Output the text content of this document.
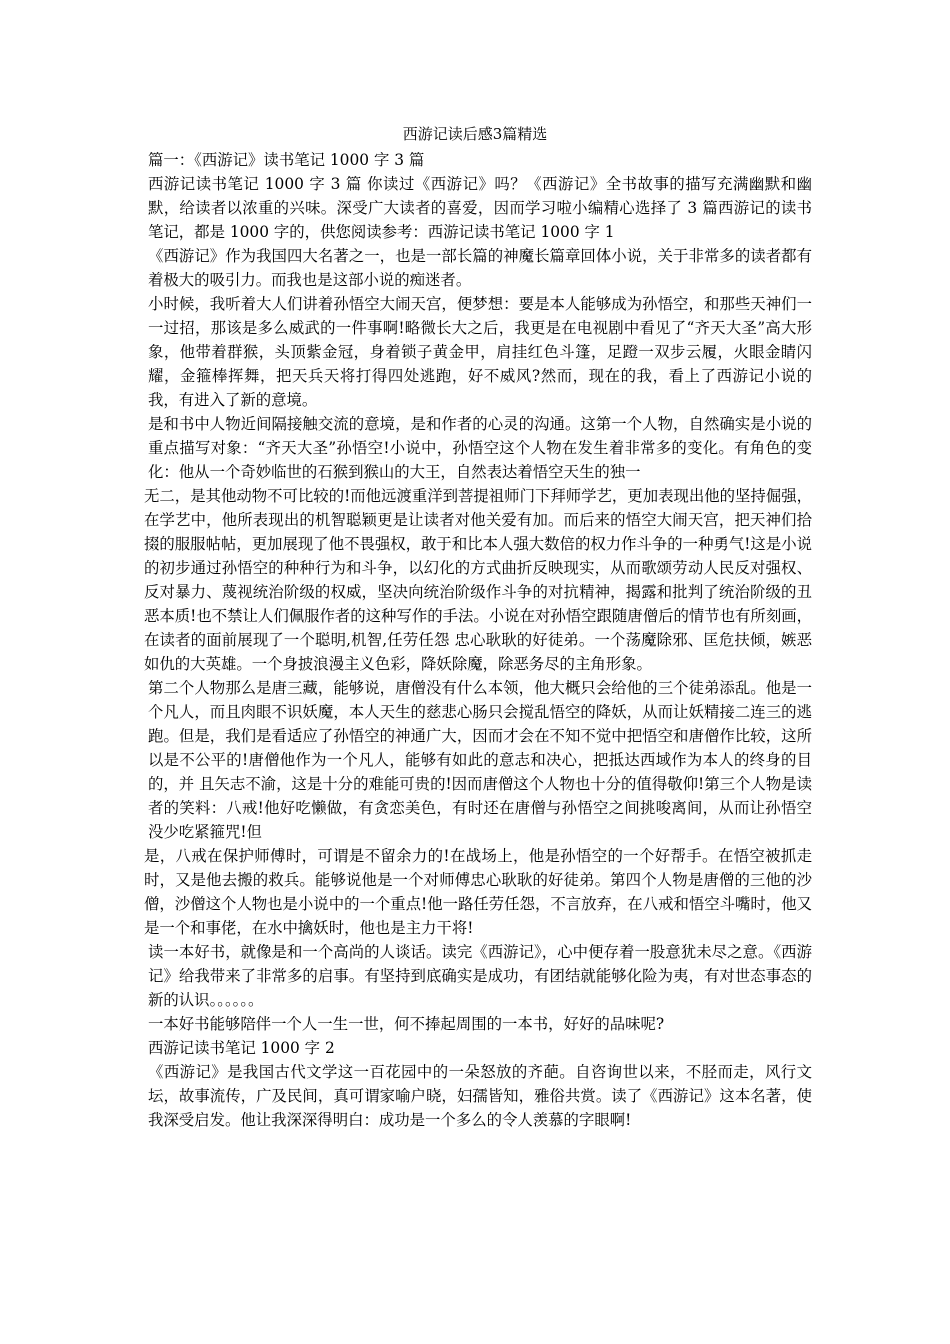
西游记读后感3篇精选

篇一：《西游记》读书笔记 1000 字 3 篇

西游记读书笔记 1000 字 3 篇 你读过《西游记》吗？《西游记》全书故事的描写充满幽默和幽默，给读者以浓重的兴味。深受广大读者的喜爱，因而学习啦小编精心选择了 3 篇西游记的读书笔记，都是 1000 字的，供您阅读参考：西游记读书笔记 1000 字 1

《西游记》作为我国四大名著之一，也是一部长篇的神魔长篇章回体小说，关于非常多的读者都有着极大的吸引力。而我也是这部小说的痴迷者。

小时候，我听着大人们讲着孙悟空大闹天宫，便梦想：要是本人能够成为孙悟空，和那些天神们一一过招，那该是多么威武的一件事啊!略微长大之后，我更是在电视剧中看见了“齐天大圣”高大形象，他带着群猴，头顶紫金冠，身着锁子黄金甲，肩挂红色斗篷，足蹬一双步云履，火眼金睛闪耀，金箍棒挥舞，把天兵天将打得四处逃跑，好不威风?然而，现在的我，看上了西游记小说的我，有进入了新的意境。

是和书中人物近间隔接触交流的意境，是和作者的心灵的沟通。这第一个人物，自然确实是小说的重点描写对象：“齐天大圣”孙悟空!小说中，孙悟空这个人物在发生着非常多的变化。有角色的变化：他从一个奇妙临世的石猴到猴山的大王，自然表达着悟空天生的独一

无二，是其他动物不可比较的!而他远渡重洋到菩提祖师门下拜师学艺，更加表现出他的坚持倔强，在学艺中，他所表现出的机智聪颖更是让读者对他关爱有加。而后来的悟空大闹天宫，把天神们拾掇的服服帖帖，更加展现了他不畏强权，敢于和比本人强大数倍的权力作斗争的一种勇气!这是小说的初步通过孙悟空的种种行为和斗争，以幻化的方式曲折反映现实，从而歌颂劳动人民反对强权、反对暴力、蔑视统治阶级的权威，坚决向统治阶级作斗争的对抗精神，揭露和批判了统治阶级的丑恶本质!也不禁让人们佩服作者的这种写作的手法。小说在对孙悟空跟随唐僧后的情节也有所刻画，在读者的面前展现了一个聪明,机智,任劳任怨 忠心耿耿的好徒弟。一个荡魔除邪、匡危扶倾，嫉恶如仇的大英雄。一个身披浪漫主义色彩，降妖除魔，除恶务尽的主角形象。

第二个人物那么是唐三藏，能够说，唐僧没有什么本领，他大概只会给他的三个徒弟添乱。他是一个凡人，而且肉眼不识妖魔，本人天生的慈悲心肠只会搅乱悟空的降妖，从而让妖精接二连三的逃跑。但是，我们是看适应了孙悟空的神通广大，因而才会在不知不觉中把悟空和唐僧作比较，这所以是不公平的!唐僧他作为一个凡人，能够有如此的意志和决心，把抵达西域作为本人的终身的目的，并 且矢志不渝，这是十分的难能可贵的!因而唐僧这个人物也十分的值得敬仰!第三个人物是读者的笑料：八戒!他好吃懒做，有贪恋美色，有时还在唐僧与孙悟空之间挑唆离间，从而让孙悟空没少吃紧箍咒!但

是，八戒在保护师傅时，可谓是不留余力的!在战场上，他是孙悟空的一个好帮手。在悟空被抓走时，又是他去搬的救兵。能够说他是一个对师傅忠心耿耿的好徒弟。第四个人物是唐僧的三他的沙僧，沙僧这个人物也是小说中的一个重点!他一路任劳任怨，不言放弃，在八戒和悟空斗嘴时，他又是一个和事佬，在水中擒妖时，他也是主力干将!

读一本好书，就像是和一个高尚的人谈话。读完《西游记》，心中便存着一股意犹未尽之意。《西游记》给我带来了非常多的启事。有坚持到底确实是成功，有团结就能够化险为夷，有对世态事态的新的认识。。。。。。

一本好书能够陪伴一个人一生一世，何不捧起周围的一本书，好好的品味呢?

西游记读书笔记 1000 字 2

《西游记》是我国古代文学这一百花园中的一朵怒放的齐葩。自咨询世以来，不胫而走，风行文坛，故事流传，广及民间，真可谓家喻户晓，妇孺皆知，雅俗共赏。读了《西游记》这本名著，使我深受启发。他让我深深得明白：成功是一个多么的令人羡慕的字眼啊!
